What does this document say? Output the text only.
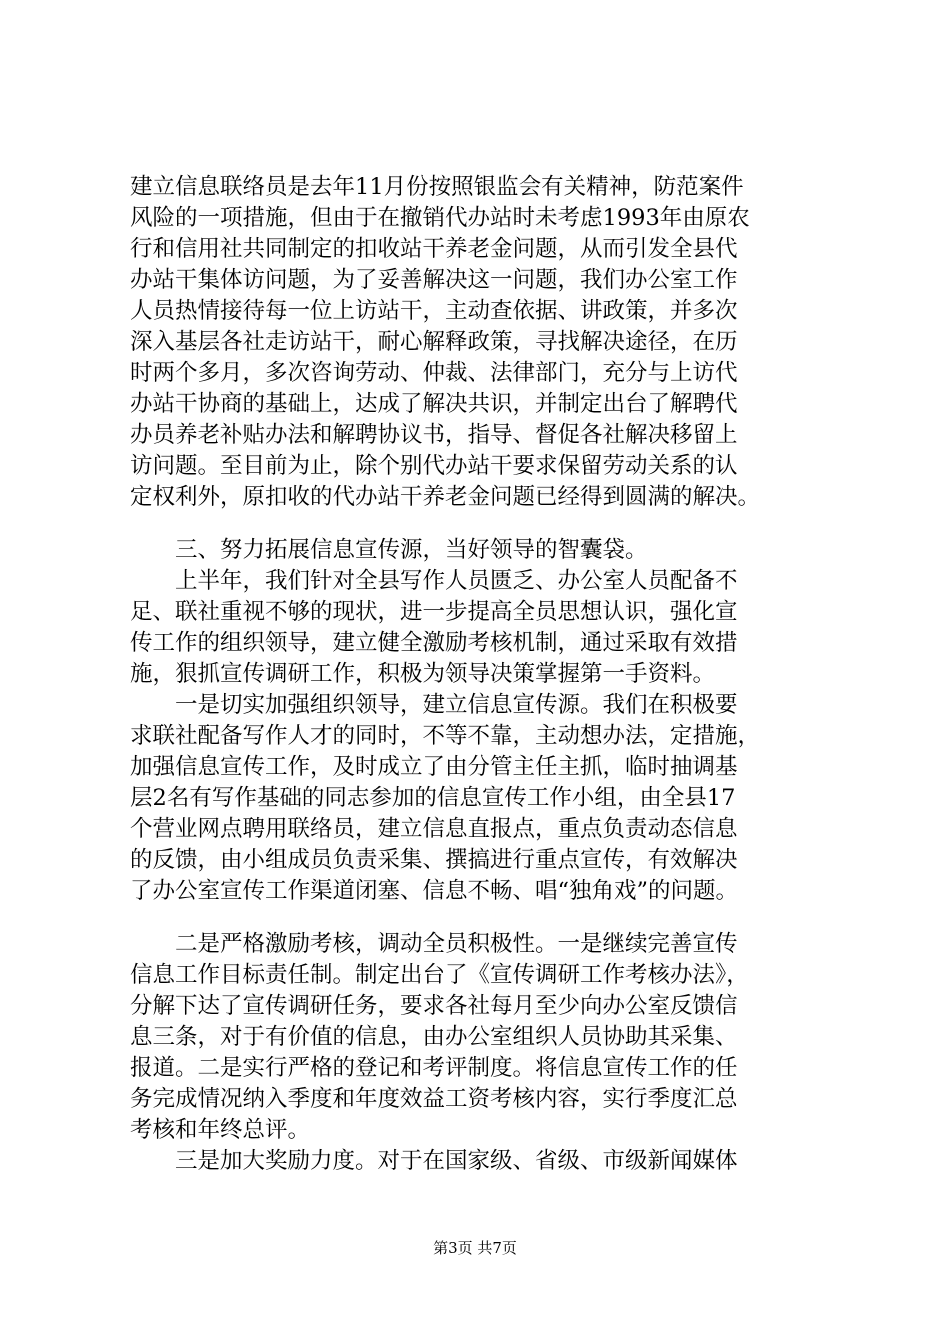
建立信息联络员是去年11月份按照银监会有关精神，防范案件
风险的一项措施，但由于在撤销代办站时未考虑1993年由原农
行和信用社共同制定的扣收站干养老金问题，从而引发全县代
办站干集体访问题，为了妥善解决这一问题，我们办公室工作
人员热情接待每一位上访站干，主动查依据、讲政策，并多次
深入基层各社走访站干，耐心解释政策，寻找解决途径，在历
时两个多月，多次咨询劳动、仲裁、法律部门，充分与上访代
办站干协商的基础上，达成了解决共识，并制定出台了解聘代
办员养老补贴办法和解聘协议书，指导、督促各社解决移留上
访问题。至目前为止，除个别代办站干要求保留劳动关系的认
定权利外，原扣收的代办站干养老金问题已经得到圆满的解决。
　　三、努力拓展信息宣传源，当好领导的智囊袋。
　　上半年，我们针对全县写作人员匮乏、办公室人员配备不
足、联社重视不够的现状，进一步提高全员思想认识，强化宣
传工作的组织领导，建立健全激励考核机制，通过采取有效措
施，狠抓宣传调研工作，积极为领导决策掌握第一手资料。
　　一是切实加强组织领导，建立信息宣传源。我们在积极要
求联社配备写作人才的同时，不等不靠，主动想办法，定措施，
加强信息宣传工作，及时成立了由分管主任主抓，临时抽调基
层2名有写作基础的同志参加的信息宣传工作小组，由全县17
个营业网点聘用联络员，建立信息直报点，重点负责动态信息
的反馈，由小组成员负责采集、撰搞进行重点宣传，有效解决
了办公室宣传工作渠道闭塞、信息不畅、唱“独角戏”的问题。
　　二是严格激励考核，调动全员积极性。一是继续完善宣传
信息工作目标责任制。制定出台了《宣传调研工作考核办法》，
分解下达了宣传调研任务，要求各社每月至少向办公室反馈信
息三条，对于有价值的信息，由办公室组织人员协助其采集、
报道。二是实行严格的登记和考评制度。将信息宣传工作的任
务完成情况纳入季度和年度效益工资考核内容，实行季度汇总
考核和年终总评。
　　三是加大奖励力度。对于在国家级、省级、市级新闻媒体
第3页 共7页
